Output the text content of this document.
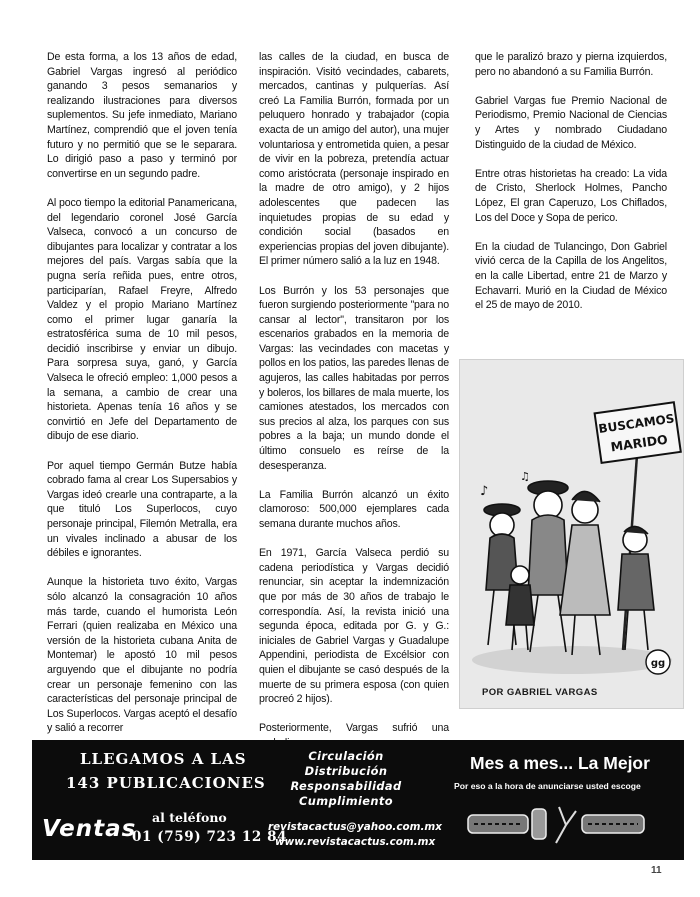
De esta forma, a los 13 años de edad, Gabriel Vargas ingresó al periódico ganando 3 pesos semanarios y realizando ilustraciones para diversos suplementos. Su jefe inmediato, Mariano Martínez, comprendió que el joven tenía futuro y no permitió que se le separara. Lo dirigió paso a paso y terminó por convertirse en un segundo padre.

Al poco tiempo la editorial Panamericana, del legendario coronel José García Valseca, convocó a un concurso de dibujantes para localizar y contratar a los mejores del país. Vargas sabía que la pugna sería reñida pues, entre otros, participarían, Rafael Freyre, Alfredo Valdez y el propio Mariano Martínez como el primer lugar ganaría la estratosférica suma de 10 mil pesos, decidió inscribirse y enviar un dibujo. Para sorpresa suya, ganó, y García Valseca le ofreció empleo: 1,000 pesos a la semana, a cambio de crear una historieta. Apenas tenía 16 años y se convirtió en Jefe del Departamento de dibujo de ese diario.

Por aquel tiempo Germán Butze había cobrado fama al crear Los Supersabios y Vargas ideó crearle una contraparte, a la que tituló Los Superlocos, cuyo personaje principal, Filemón Metralla, era un vivales inclinado a abusar de los débiles e ignorantes.

Aunque la historieta tuvo éxito, Vargas sólo alcanzó la consagración 10 años más tarde, cuando el humorista León Ferrari (quien realizaba en México una versión de la historieta cubana Anita de Montemar) le apostó 10 mil pesos arguyendo que el dibujante no podría crear un personaje femenino con las características del personaje principal de Los Superlocos. Vargas aceptó el desafío y salió a recorrer

las calles de la ciudad, en busca de inspiración. Visitó vecindades, cabarets, mercados, cantinas y pulquerías. Así creó La Familia Burrón, formada por un peluquero honrado y trabajador (copia exacta de un amigo del autor), una mujer voluntariosa y entrometida quien, a pesar de vivir en la pobreza, pretendía actuar como aristócrata (personaje inspirado en la madre de otro amigo), y 2 hijos adolescentes que padecen las inquietudes propias de su edad y condición social (basados en experiencias propias del joven dibujante). El primer número salió a la luz en 1948.

Los Burrón y los 53 personajes que fueron surgiendo posteriormente "para no cansar al lector", transitaron por los escenarios grabados en la memoria de Vargas: las vecindades con macetas y pollos en los patios, las paredes llenas de agujeros, las calles habitadas por perros y boleros, los billares de mala muerte, los camiones atestados, los mercados con sus precios al alza, los parques con sus pobres a la baja; un mundo donde el último consuelo es reírse de la desesperanza.

La Familia Burrón alcanzó un éxito clamoroso: 500,000 ejemplares cada semana durante muchos años.

En 1971, García Valseca perdió su cadena periodística y Vargas decidió renunciar, sin aceptar la indemnización que por más de 30 años de trabajo le correspondía. Así, la revista inició una segunda época, editada por G. y G.: iniciales de Gabriel Vargas y Guadalupe Appendini, periodista de Excélsior con quien el dibujante se casó después de la muerte de su primera esposa (con quien procreó 2 hijos).

Posteriormente, Vargas sufrió una

que le paralizó brazo y pierna izquierdos, pero no abandonó a su Familia Burrón.

Gabriel Vargas fue Premio Nacional de Periodismo, Premio Nacional de Ciencias y Artes y nombrado Ciudadano Distinguido de la ciudad de México.

Entre otras historietas ha creado: La vida de Cristo, Sherlock Holmes, Pancho López, El gran Caperuzo, Los Chiflados, Los del Doce y Sopa de perico.

En la ciudad de Tulancingo, Don Gabriel vivió cerca de la Capilla de los Angelitos, en la calle Libertad, entre 21 de Marzo y Echavarri. Murió en la Ciudad de México el 25 de mayo de 2010.

BUSCAMOS
MARIDO
♪
♫
gg
POR GABRIEL VARGAS
LLEGAMOS A LAS
143 PUBLICACIONES
Ventas al teléfono
01 (759) 723 12 84
Circulación
Distribución
Responsabilidad
Cumplimiento
revistacactus@yahoo.com.mx
www.revistacactus.com.mx
Mes a mes... La Mejor
Por eso a la hora de anunciarse usted escoge
11
